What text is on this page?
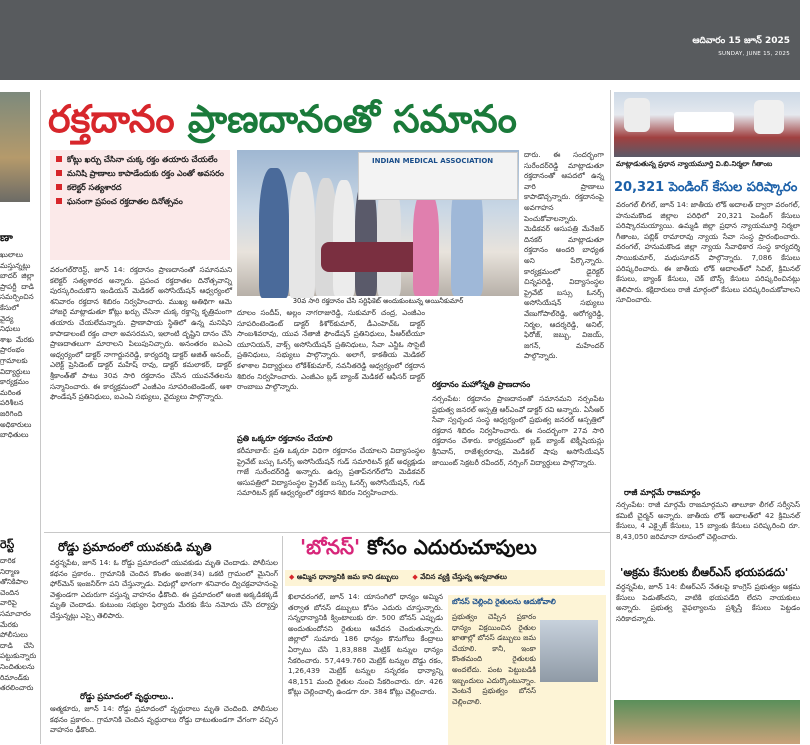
ఆదివారం 15 జూన్ 2025
SUNDAY, JUNE 15, 2025
ణా
ఖులాలు మస్తున్నట్లు బాదర్ జిల్లా ప్రాపర్టీ దాడి సమర్పించిన కేసులో వైద్య నిధులు శాఖ మేరకు ప్రారంభం గ్రామాలకు విద్యార్థులు కార్యక్రమం మరింత పరిశీలన జరిగింది అధికారులు బాధితులు
రెస్ట్
దారిక నిర్మాణ తోనికిపాల చెందిన వారిపై సమాచారం మేరకు పోలీసులు దాడి చేసి పట్టుకున్నారు నిందితులను రిమాండ్‌కు తరలించారు
రక్తదానం ప్రాణదానంతో సమానం
కోట్లు ఖర్చు చేసినా చుక్క రక్తం తయారు చేయలేం
మనిషి ప్రాణాలు కాపాడేందుకు రక్తం ఎంతో అవసరం
కలెక్టర్ సత్యశారద
ఘనంగా ప్రపంచ రక్తదాతల దినోత్సవం
INDIAN MEDICAL ASSOCIATION
30వ సారి రక్తదానం చేసి సర్టిఫికెట్ అందుకుంటున్న అయినీకుమార్
వరంగల్‌రొరెస్ట్, జూన్ 14: రక్తదానం ప్రాణదానంతో సమానమని కలెక్టర్ సత్యశారద అన్నారు. ప్రపంచ రక్తదాతల దినోత్సవాన్ని పురస్కరించుకొని ఇండియన్ మెడికల్ అసోసియేషన్ ఆధ్వర్యంలో శనివారం రక్తదాన శిబిరం నిర్వహించారు. ముఖ్య అతిథిగా ఆమె హాజరై మాట్లాడుతూ కోట్లు ఖర్చు చేసినా చుక్క రక్తాన్ని కృత్రిమంగా తయారు చేయలేమన్నారు. ప్రాణాపాయ స్థితిలో ఉన్న మనిషిని కాపాడాలంటే రక్తం చాలా అవసరమని, ఇలాంటి దృష్టిని దానం చేసి ప్రాణదాతలుగా మారాలని పిలుపునిచ్చారు. అనంతరం ఐఎంఏ ఆధ్వర్యంలో డాక్టర్ నాగార్జునరెడ్డి, కార్యదర్శి డాక్టర్ అజిత్ ఆనంద్, ఎలెక్ట్ ప్రెసిడెంట్ డాక్టర్ మహేష్ రావు, డాక్టర్ కమలాకర్, డాక్టర్ శ్రీకాంత్‌తో పాటు 30వ సారి రక్తదానం చేసిన యువనేతలను సన్మానించారు. ఈ కార్యక్రమంలో ఎంజీఎం సూపరింటెండెంట్, ఆశా ఫౌండేషన్ ప్రతినిధులు, ఐఎంఏ సభ్యులు, వైద్యులు పాల్గొన్నారు.
దూలం సందీప్, అల్లం నాగరాజురెడ్డి, సుకుమార్ చంద్ర, ఎంజీఎం సూపరింటెండెంట్ డాక్టర్ కిశోర్‌కుమార్, డీఎంహెచ్‌ఓ డాక్టర్ సాంబశివరావు, యువ నేతాజీ ఫౌండేషన్ ప్రతినిధులు, పీఆర్‌టీయూ యూనియన్, వాక్స్ అసోసియేషన్ ప్రతినిధులు, సేవా ఎన్జీఓ సొసైటీ ప్రతినిధులు, సభ్యులు పాల్గొన్నారు. అలాగే, కాకతీయ మెడికల్ కళాశాల విద్యార్థులు లోకేశ్‌కుమార్, నవనీతరెడ్డి ఆధ్వర్యంలో రక్తదాన శిబిరం నిర్వహించారు. ఎంజీఎం బ్లడ్ బ్యాంక్ మెడికల్ ఆఫీసర్ డాక్టర్ రాంబాబు పాల్గొన్నారు.
ప్రతి ఒక్కరూ రక్తదానం చేయాలి
కరీమాబాద్: ప్రతి ఒక్కరూ విధిగా రక్తదానం చేయాలని విద్యాసంస్థల ప్రైవేట్ బస్సు ఓనర్స్ అసోసియేషన్ గుడ్ సమారిటన్ క్లబ్ అధ్యక్షుడు గాజే సురేందర్‌రెడ్డి అన్నారు. ఉర్సు ప్రతాప్‌నగర్‌లోని మెడికవర్ ఆసుపత్రిలో విద్యాసంస్థల ప్రైవేట్ బస్సు ఓనర్స్ అసోసియేషన్, గుడ్ సమారిటన్ క్లబ్ ఆధ్వర్యంలో రక్తదాన శిబిరం నిర్వహించారు.
దారు. ఈ సందర్భంగా సురేందర్‌రెడ్డి మాట్లాడుతూ రక్తదానంతో ఆపదలో ఉన్న వారి ప్రాణాలు కాపాడొచ్చన్నారు. రక్తదానంపై అవగాహన పెంచుకోవాలన్నారు. మెడికవర్ ఆసుపత్రి మేనేజర్ దినకర్ మాట్లాడుతూ రక్తదానం అందరి బాధ్యత అని పేర్కొన్నారు. కార్యక్రమంలో డైరెక్టర్ చిన్నపరెడ్డి, విద్యాసంస్థల ప్రైవేట్ బస్సు ఓనర్స్ అసోసియేషన్ సభ్యులు వేణుగోపాల్‌రెడ్డి, ఆరోగ్యరెడ్డి, నిర్మల, ఆదర్శరెడ్డి, అనిల్, ఫిరోజ్, జబ్బు, విజయ్, జగన్, మహేందర్ పాల్గొన్నారు.
రక్తదానం మహోన్నతి ప్రాణదానం
నర్సంపేట: రక్తదానం ప్రాణదానంతో సమానమని నర్సంపేట ప్రభుత్వ జనరల్ ఆస్పత్రి ఆర్‌ఎంవో డాక్టర్ రవి అన్నారు. ఏసీఆర్ సేవా స్వచ్ఛంద సంస్థ ఆధ్వర్యంలో ప్రభుత్వ జనరల్ ఆస్పత్రిలో రక్తదాన శిబిరం నిర్వహించారు. ఈ సందర్భంగా 27వ సారి రక్తదానం చేశారు. కార్యక్రమంలో బ్లడ్ బ్యాంక్ టెక్నీషియన్లు శ్రీనివాస్, రాజేశ్వరరావు, మెడికల్ షాపు అసోసియేషన్ జాయింట్ సెక్రటరీ రవీందర్, నర్సింగ్ విద్యార్థులు పాల్గొన్నారు.
రోడ్డు ప్రమాదంలో యువకుడి మృతి
వర్ధన్నపేట, జూన్ 14: ఓ రోడ్డు ప్రమాదంలో యువకుడు మృతి చెందాడు. పోలీసుల కథనం ప్రకారం.. గ్రామానికి చెందిన కొంతం అంజి(34) ఒకటి గ్రామంలో మైనింగ్ ఫోర్‌మెన్ ఇంజనీర్‌గా పని చేస్తున్నాడు. విధుల్లో భాగంగా శనివారం ద్విచక్రవాహనంపై వెళ్తుండగా ఎదురుగా వస్తున్న వాహనం ఢీకొంది. ఈ ప్రమాదంలో అంజి అక్కడికక్కడే మృతి చెందాడు. కుటుంబ సభ్యుల ఫిర్యాదు మేరకు కేసు నమోదు చేసి దర్యాప్తు చేస్తున్నట్లు ఎస్సై తెలిపారు.
రోడ్డు ప్రమాదంలో వృద్ధురాలు..
ఆత్మకూరు, జూన్ 14: రోడ్డు ప్రమాదంలో వృద్ధురాలు మృతి చెందింది. పోలీసుల కథనం ప్రకారం.. గ్రామానికి చెందిన వృద్ధురాలు రోడ్డు దాటుతుండగా వేగంగా వచ్చిన వాహనం ఢీకొంది.
'బోనస్' కోసం ఎదురుచూపులు
◆ అమ్మిన ధాన్యానికి జమ కాని డబ్బులు
◆	వేచిన వ్యక్తి చేస్తున్న అన్నదాతలు
ఖిలావరంగల్, జూన్ 14: యాసంగిలో ధాన్యం అమ్మిన తర్వాత బోనస్ డబ్బులు కోసం ఎదురు చూస్తున్నారు. సన్నధాన్యానికి క్వింటాలుకు రూ. 500 బోనస్ ఎప్పుడు అందుతుందోనని రైతులు ఆవేదన చెందుతున్నారు. జిల్లాలో సుమారు 186 ధాన్యం కొనుగోలు కేంద్రాలు ఏర్పాటు చేసి 1,83,888 మెట్రిక్ టన్నుల ధాన్యం సేకరించారు. 57,449.760 మెట్రిక్ టన్నుల దొడ్డు రకం, 1,26,439 మెట్రిక్ టన్నుల సన్నరకం ధాన్యాన్ని 48,151 మంది రైతుల నుంచి సేకరించారు. రూ. 426 కోట్లు చెల్లించాల్సి ఉండగా రూ. 384 కోట్లు చెల్లించారు.
బోనస్ చెల్లించి రైతులను ఆదుకోవాలి
ప్రభుత్వం చెప్పిన ప్రకారం ధాన్యం విక్రయించిన రైతుల ఖాతాల్లో బోనస్ డబ్బులు జమ చేయాలి. కానీ, ఇంకా కొంతమంది రైతులకు అందలేదు. పంట పెట్టుబడికి ఇబ్బందులు ఎదుర్కొంటున్నాం. వెంటనే ప్రభుత్వం బోనస్ చెల్లించాలి.
మాట్లాడుతున్న ప్రధాన న్యాయమూర్తి వి.బి.నిర్మలా గీతాంబ
20,321 పెండింగ్ కేసుల పరిష్కారం
వరంగల్ లీగల్, జూన్ 14: జాతీయ లోక్ అదాలత్ ద్వారా వరంగల్, హనుమకొండ జిల్లాల పరిధిలో 20,321 పెండింగ్ కేసులు పరిష్కారమయ్యాయి. ఉమ్మడి జిల్లా ప్రధాన న్యాయమూర్తి నిర్మలా గీతాంబ, పబ్లిక్ రామారావు న్యాయ సేవా సంస్థ ప్రారంభించారు. వరంగల్, హనుమకొండ జిల్లా న్యాయ సేవాధికార సంస్థ కార్యదర్శి సాయికుమార్, మధుసూదన్ పాల్గొన్నారు. 7,086 కేసులు పరిష్కరించారు. ఈ జాతీయ లోక్ అదాలత్‌లో సివిల్, క్రిమినల్ కేసులు, బ్యాంక్ కేసులు, చెక్ బౌన్స్ కేసులు పరిష్కరించినట్లు తెలిపారు. కక్షిదారులు రాజీ మార్గంలో కేసులు పరిష్కరించుకోవాలని సూచించారు.
రాజీ మార్గమే రాజమార్గం
నర్సంపేట: రాజీ మార్గమే రాజమార్గమని తాలూకా లీగల్ సర్వీసెస్ కమిటీ చైర్మన్ అన్నారు. జాతీయ లోక్ అదాలత్‌లో 42 క్రిమినల్ కేసులు, 4 ఎక్సైజ్ కేసులు, 15 బ్యాంకు కేసులు పరిష్కరించి రూ. 8,43,050 జరిమానా రూపంలో చెల్లించారు.
'అక్రమ కేసులకు బీఆర్ఎస్ భయపడదు'
వర్ధన్నపేట, జూన్ 14: బీఆర్ఎస్ నేతలపై కాంగ్రెస్ ప్రభుత్వం అక్రమ కేసులు పెడుతోందని, వాటికి భయపడేది లేదని నాయకులు అన్నారు. ప్రభుత్వ వైఫల్యాలను ప్రశ్నిస్తే కేసులు పెట్టడం సరికాదన్నారు.
